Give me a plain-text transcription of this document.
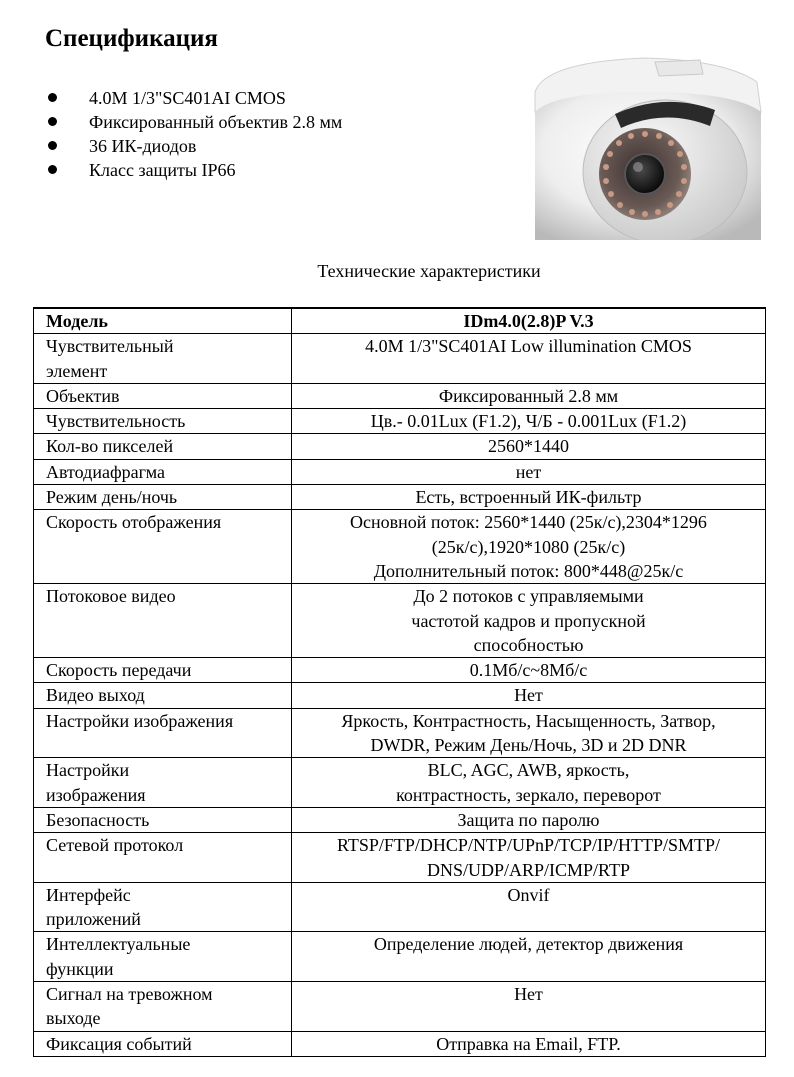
Спецификация
4.0M 1/3"SC401AI CMOS
Фиксированный объектив 2.8 мм
36 ИК-диодов
Класс защиты IP66
Технические характеристики
Модель	IDm4.0(2.8)P V.3
Чувствительный
элемент	4.0M 1/3"SC401AI Low illumination CMOS
Объектив	Фиксированный 2.8 мм
Чувствительность	Цв.- 0.01Lux (F1.2), Ч/Б - 0.001Lux (F1.2)
Кол-во пикселей	2560*1440
Автодиафрагма	нет
Режим день/ночь	Есть, встроенный ИК-фильтр
Скорость отображения	Основной поток: 2560*1440 (25к/с),2304*1296
(25к/с),1920*1080 (25к/с)
Дополнительный поток: 800*448@25к/с
Потоковое видео	До 2 потоков с управляемыми
частотой кадров и пропускной
способностью
Скорость передачи	0.1Мб/с~8Мб/с
Видео выход	Нет
Настройки изображения	Яркость, Контрастность, Насыщенность, Затвор,
DWDR, Режим День/Ночь, 3D и 2D DNR
Настройки
изображения	BLC, AGC, AWB, яркость,
контрастность, зеркало, переворот
Безопасность	Защита по паролю
Сетевой протокол	RTSP/FTP/DHCP/NTP/UPnP/TCP/IP/HTTP/SMTP/
DNS/UDP/ARP/ICMP/RTP
Интерфейс
приложений	Onvif
Интеллектуальные
функции	Определение людей, детектор движения
Сигнал на тревожном
выходе	Нет
Фиксация событий	Отправка на Email, FTP.
